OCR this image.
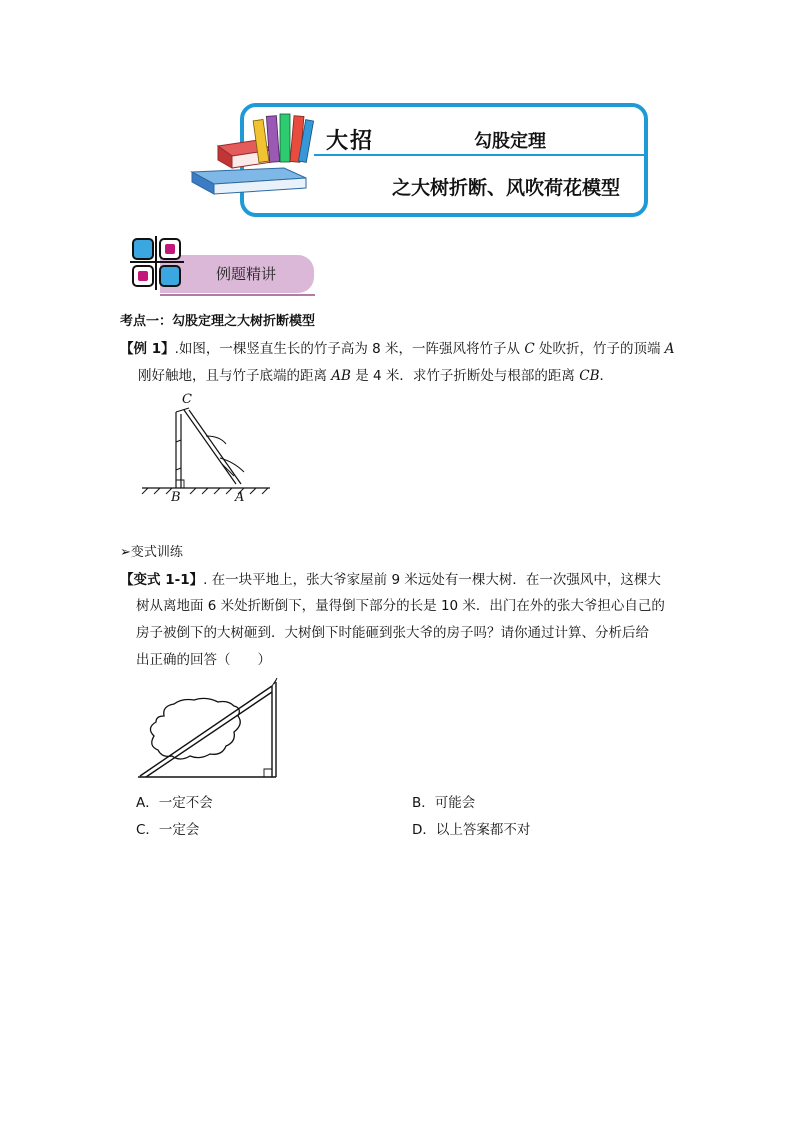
大招	勾股定理
之大树折断、风吹荷花模型
例题精讲
考点一：勾股定理之大树折断模型
【例 1】.如图，一棵竖直生长的竹子高为 8 米，一阵强风将竹子从 C 处吹折，竹子的顶端 A
刚好触地，且与竹子底端的距离 AB 是 4 米．求竹子折断处与根部的距离 CB．
C
B	A
➢变式训练
【变式 1-1】. 在一块平地上，张大爷家屋前 9 米远处有一棵大树．在一次强风中，这棵大
树从离地面 6 米处折断倒下，量得倒下部分的长是 10 米．出门在外的张大爷担心自己的
房子被倒下的大树砸到．大树倒下时能砸到张大爷的房子吗？请你通过计算、分析后给
出正确的回答（　　）
A．一定不会	B．可能会
C．一定会	D．以上答案都不对
